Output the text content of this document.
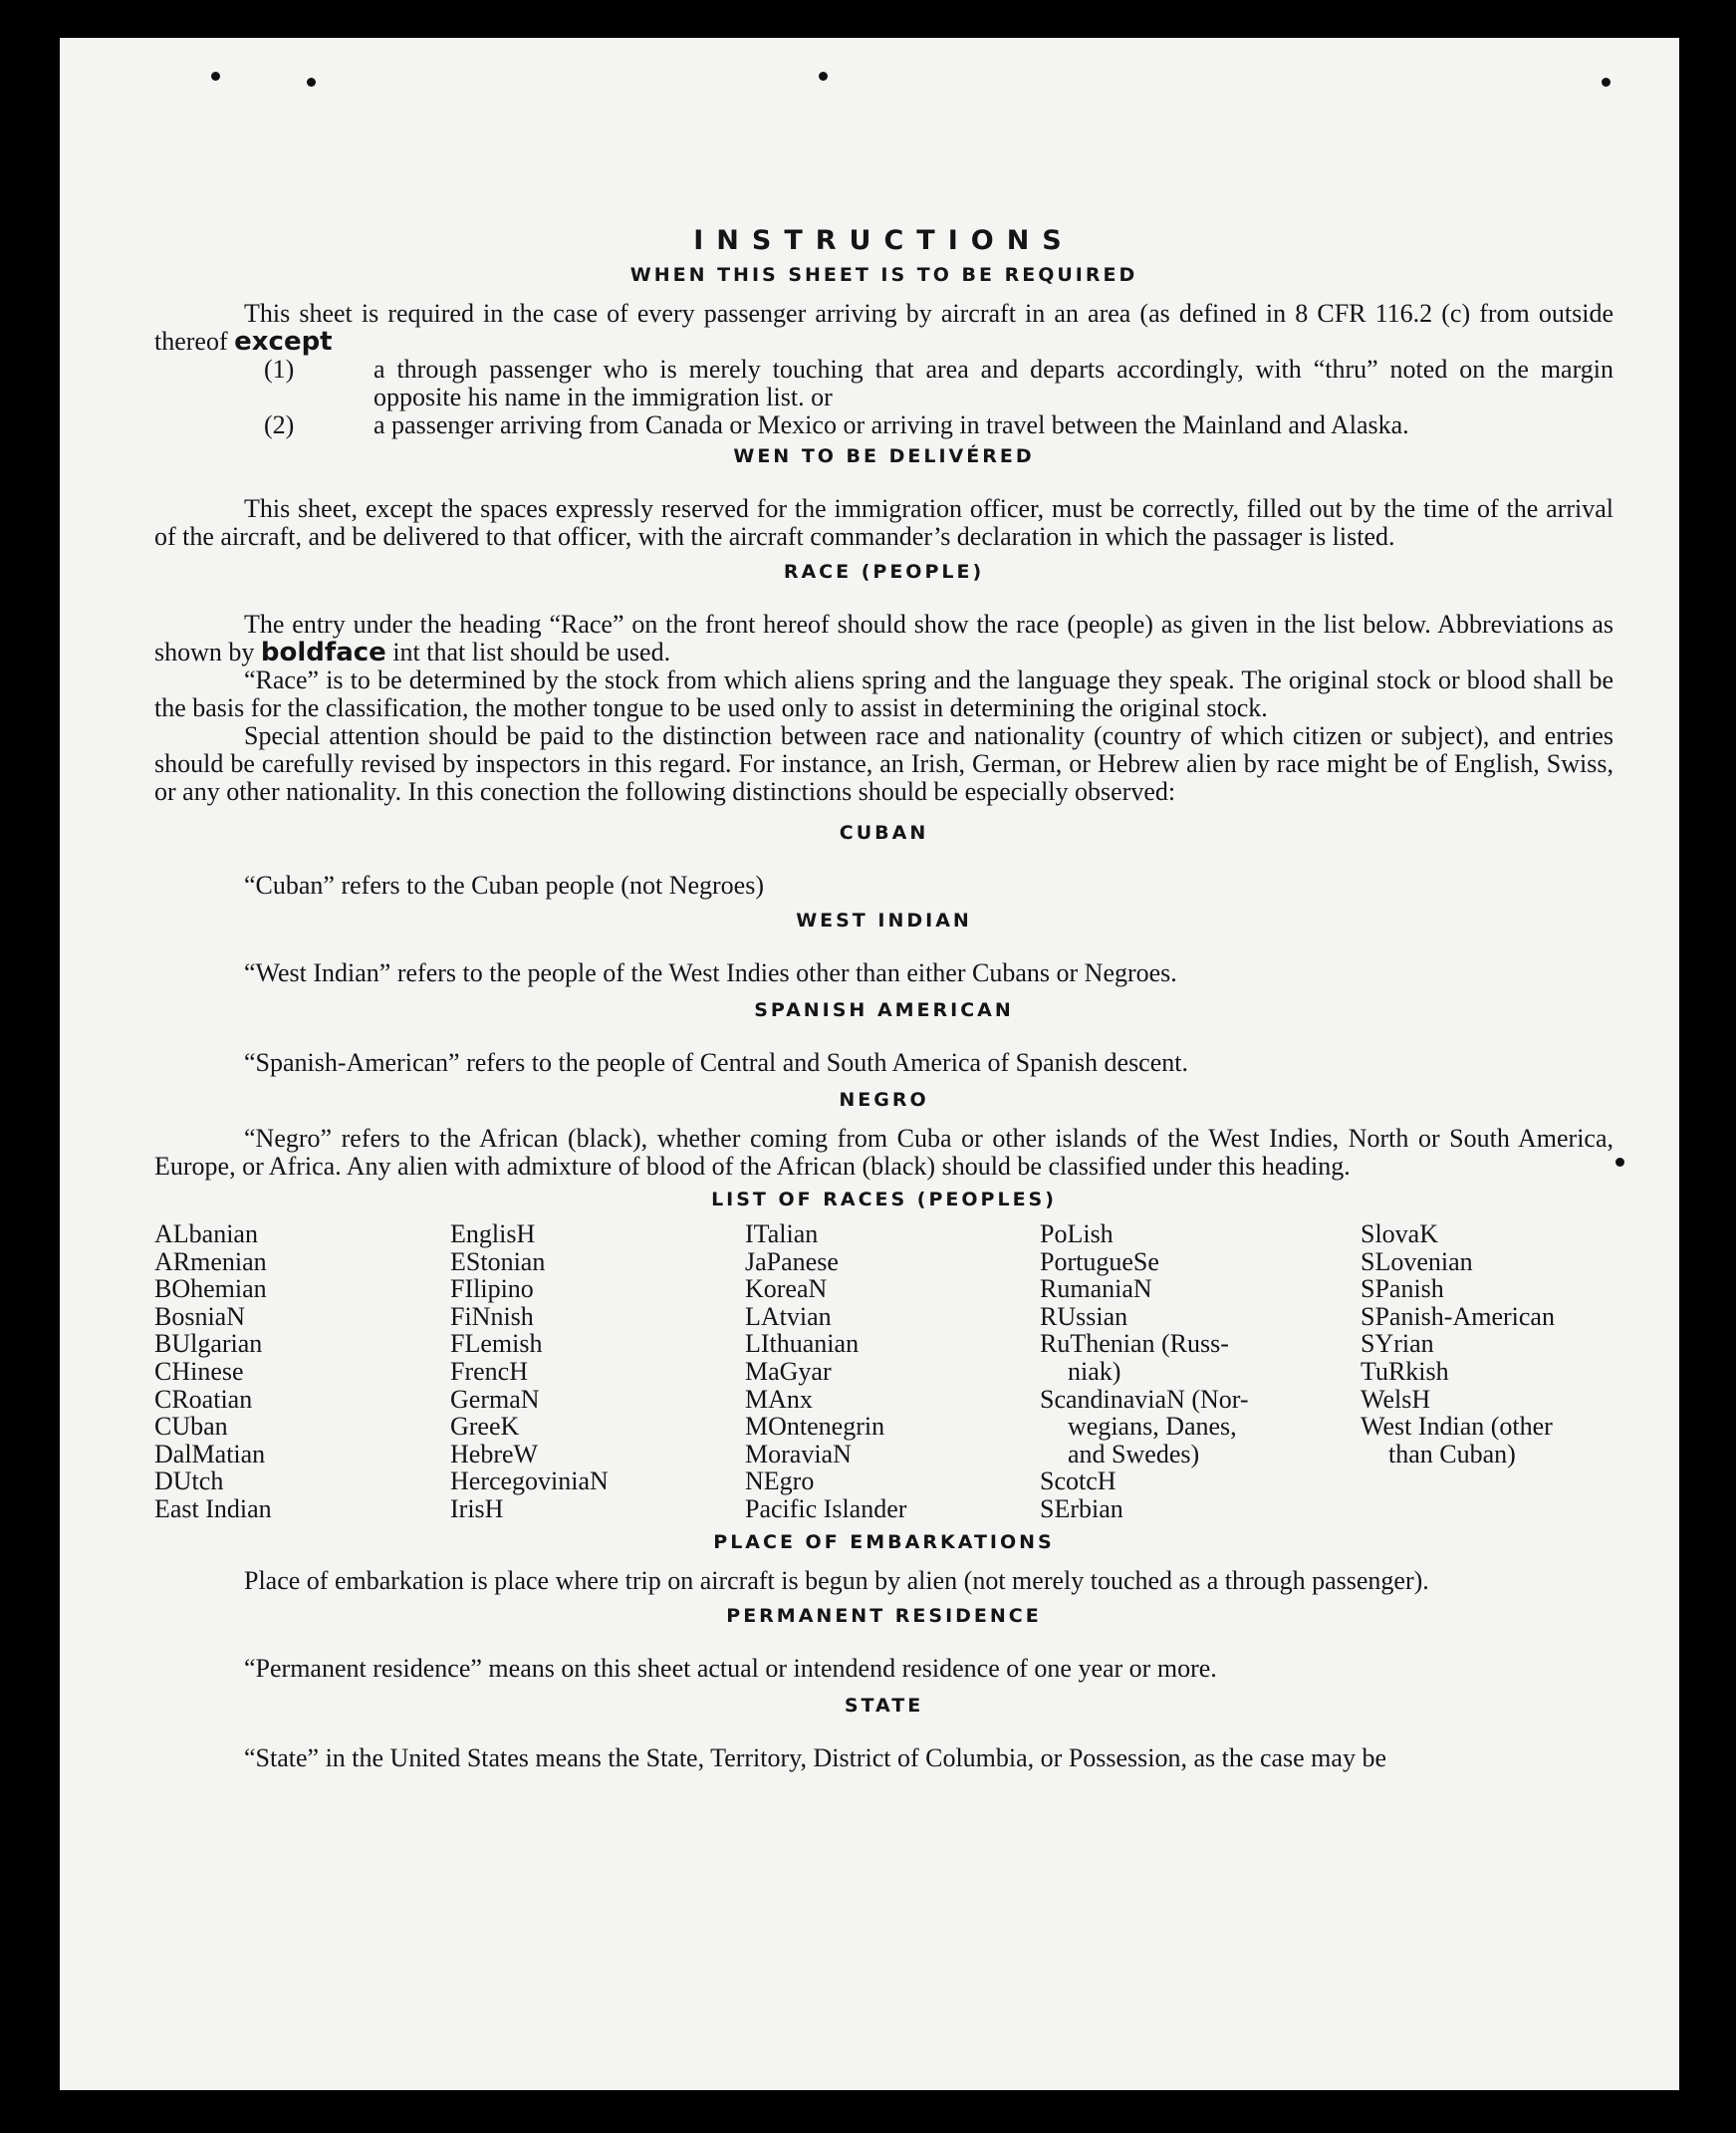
INSTRUCTIONS
WHEN THIS SHEET IS TO BE REQUIRED

This sheet is required in the case of every passenger arriving by aircraft in an area (as defined in 8 CFR 116.2 (c) from outside thereof except

(1)	a through passenger who is merely touching that area and departs accordingly, with “thru” noted on the margin opposite his name in the immigration list. or
(2)	a passenger arriving from Canada or Mexico or arriving in travel between the Mainland and Alaska.
WEN TO BE DELIVÉRED

This sheet, except the spaces expressly reserved for the immigration officer, must be correctly, filled out by the time of the arrival of the aircraft, and be delivered to that officer, with the aircraft commander’s declaration in which the passager is listed.

RACE (PEOPLE)

The entry under the heading “Race” on the front hereof should show the race (people) as given in the list below. Abbreviations as shown by boldface int that list should be used.

“Race” is to be determined by the stock from which aliens spring and the language they speak. The original stock or blood shall be the basis for the classification, the mother tongue to be used only to assist in determining the original stock.

Special attention should be paid to the distinction between race and nationality (country of which citizen or subject), and entries should be carefully revised by inspectors in this regard. For instance, an Irish, German, or Hebrew alien by race might be of English, Swiss, or any other nationality. In this conection the following distinctions should be especially observed:

CUBAN

“Cuban” refers to the Cuban people (not Negroes)

WEST INDIAN

“West Indian” refers to the people of the West Indies other than either Cubans or Negroes.

SPANISH AMERICAN

“Spanish-American” refers to the people of Central and South America of Spanish descent.

NEGRO

“Negro” refers to the African (black), whether coming from Cuba or other islands of the West Indies, North or South America, Europe, or Africa. Any alien with admixture of blood of the African (black) should be classified under this heading.

LIST OF RACES (PEOPLES)
ALbanian
ARmenian
BOhemian
BosniaN
BUlgarian
CHinese
CRoatian
CUban
DalMatian
DUtch
East Indian
EnglisH
EStonian
FIlipino
FiNnish
FLemish
FrencH
GermaN
GreeK
HebreW
HercegoviniaN
IrisH
ITalian
JaPanese
KoreaN
LAtvian
LIthuanian
MaGyar
MAnx
MOntenegrin
MoraviaN
NEgro
Pacific Islander
PoLish
PortugueSe
RumaniaN
RUssian
RuThenian (Russ-
niak)
ScandinaviaN (Nor-
wegians, Danes,
and Swedes)
ScotcH
SErbian
SlovaK
SLovenian
SPanish
SPanish-American
SYrian
TuRkish
WelsH
West Indian (other
than Cuban)
PLACE OF EMBARKATIONS

Place of embarkation is place where trip on aircraft is begun by alien (not merely touched as a through passenger).

PERMANENT RESIDENCE

“Permanent residence” means on this sheet actual or intendend residence of one year or more.

STATE

“State” in the United States means the State, Territory, District of Columbia, or Possession, as the case may be
